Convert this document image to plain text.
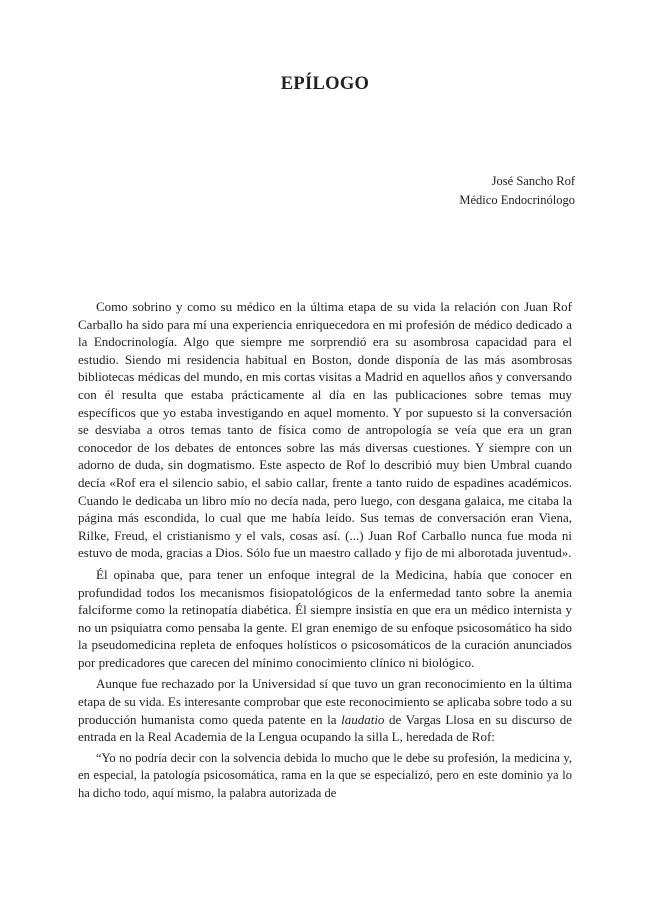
EPÍLOGO
José Sancho Rof
Médico Endocrinólogo

Como sobrino y como su médico en la última etapa de su vida la relación con Juan Rof Carballo ha sido para mí una experiencia enriquecedora en mi profesión de médico dedicado a la Endocrinología. Algo que siempre me sorprendió era su asombrosa capacidad para el estudio. Siendo mi residencia habitual en Boston, donde disponía de las más asombrosas bibliotecas médicas del mundo, en mis cortas visitas a Madrid en aquellos años y conversando con él resulta que estaba prácticamente al día en las publicaciones sobre temas muy específicos que yo estaba investigando en aquel momento. Y por supuesto si la conversación se desviaba a otros temas tanto de física como de antropología se veía que era un gran conocedor de los debates de entonces sobre las más diversas cuestiones. Y siempre con un adorno de duda, sin dogmatismo. Este aspecto de Rof lo describió muy bien Umbral cuando decía «Rof era el silencio sabio, el sabio callar, frente a tanto ruido de espadines académicos. Cuando le dedicaba un libro mío no decía nada, pero luego, con desgana galaica, me citaba la página más escondida, lo cual que me había leído. Sus temas de conversación eran Viena, Rilke, Freud, el cristianismo y el vals, cosas así. (...) Juan Rof Carballo nunca fue moda ni estuvo de moda, gracias a Dios. Sólo fue un maestro callado y fijo de mi alborotada juventud».

Él opinaba que, para tener un enfoque integral de la Medicina, había que conocer en profundidad todos los mecanismos fisiopatológicos de la enfermedad tanto sobre la anemia falciforme como la retinopatía diabética. Él siempre insistía en que era un médico internista y no un psiquiatra como pensaba la gente. El gran enemigo de su enfoque psicosomático ha sido la pseudomedicina repleta de enfoques holísticos o psicosomáticos de la curación anunciados por predicadores que carecen del mínimo conocimiento clínico ni biológico.

Aunque fue rechazado por la Universidad sí que tuvo un gran reconocimiento en la última etapa de su vida. Es interesante comprobar que este reconocimiento se aplicaba sobre todo a su producción humanista como queda patente en la laudatio de Vargas Llosa en su discurso de entrada en la Real Academia de la Lengua ocupando la silla L, heredada de Rof:

“Yo no podría decir con la solvencia debida lo mucho que le debe su profesión, la medicina y, en especial, la patología psicosomática, rama en la que se especializó, pero en este dominio ya lo ha dicho todo, aquí mismo, la palabra autorizada de
